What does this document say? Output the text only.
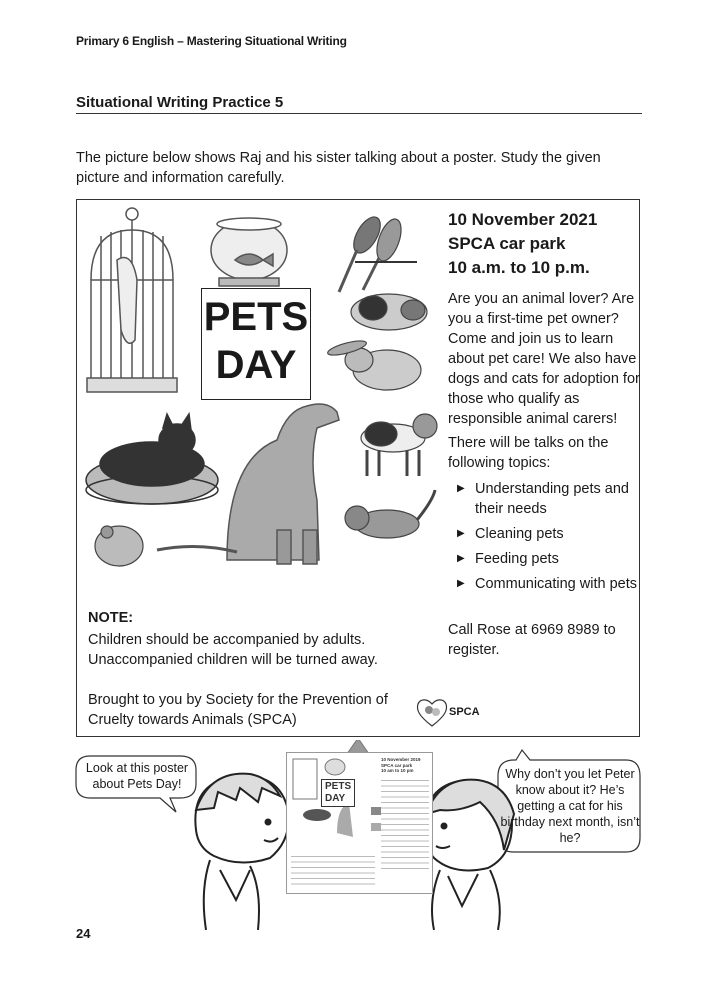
Primary 6 English – Mastering Situational Writing
Situational Writing Practice 5
The picture below shows Raj and his sister talking about a poster. Study the given picture and information carefully.
PETS
DAY
10 November 2021
SPCA car park
10 a.m. to 10 p.m.
Are you an animal lover? Are you a first-time pet owner? Come and join us to learn about pet care! We also have dogs and cats for adoption for those who qualify as responsible animal carers!
There will be talks on the following topics:
▶ Understanding pets and their needs
▶ Cleaning pets
▶ Feeding pets
▶ Communicating with pets
Call Rose at 6969 8989 to register.
NOTE:
Children should be accompanied by adults. Unaccompanied children will be turned away.
Brought to you by Society for the Prevention of Cruelty towards Animals (SPCA)	SPCA
Look at this poster about Pets Day!
Why don’t you let Peter know about it? He’s getting a cat for his birthday next month, isn’t he?
PETS
DAY
10 November 2019
SPCA car park
10 am to 10 pm
24
